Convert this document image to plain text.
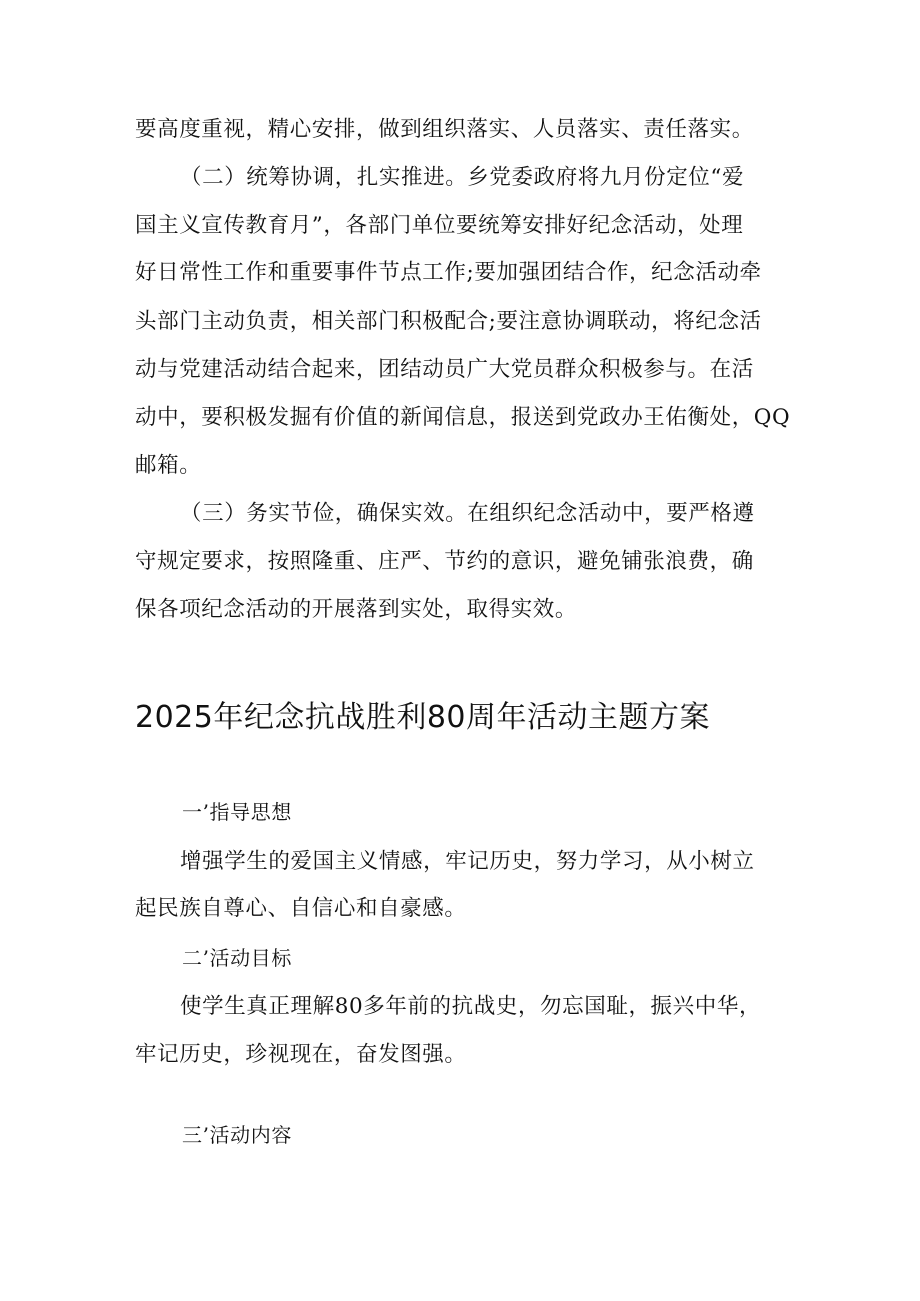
要高度重视，精心安排，做到组织落实、人员落实、责任落实。
（二）统筹协调，扎实推进。乡党委政府将九月份定位“爱
国主义宣传教育月”，各部门单位要统筹安排好纪念活动，处理
好日常性工作和重要事件节点工作;要加强团结合作，纪念活动牵
头部门主动负责，相关部门积极配合;要注意协调联动，将纪念活
动与党建活动结合起来，团结动员广大党员群众积极参与。在活
动中，要积极发掘有价值的新闻信息，报送到党政办王佑衡处，QQ
邮箱。
（三）务实节俭，确保实效。在组织纪念活动中，要严格遵
守规定要求，按照隆重、庄严、节约的意识，避免铺张浪费，确
保各项纪念活动的开展落到实处，取得实效。
2025年纪念抗战胜利80周年活动主题方案
一’指导思想
增强学生的爱国主义情感，牢记历史，努力学习，从小树立
起民族自尊心、自信心和自豪感。
二’活动目标
使学生真正理解80多年前的抗战史，勿忘国耻，振兴中华，
牢记历史，珍视现在，奋发图强。
三’活动内容
